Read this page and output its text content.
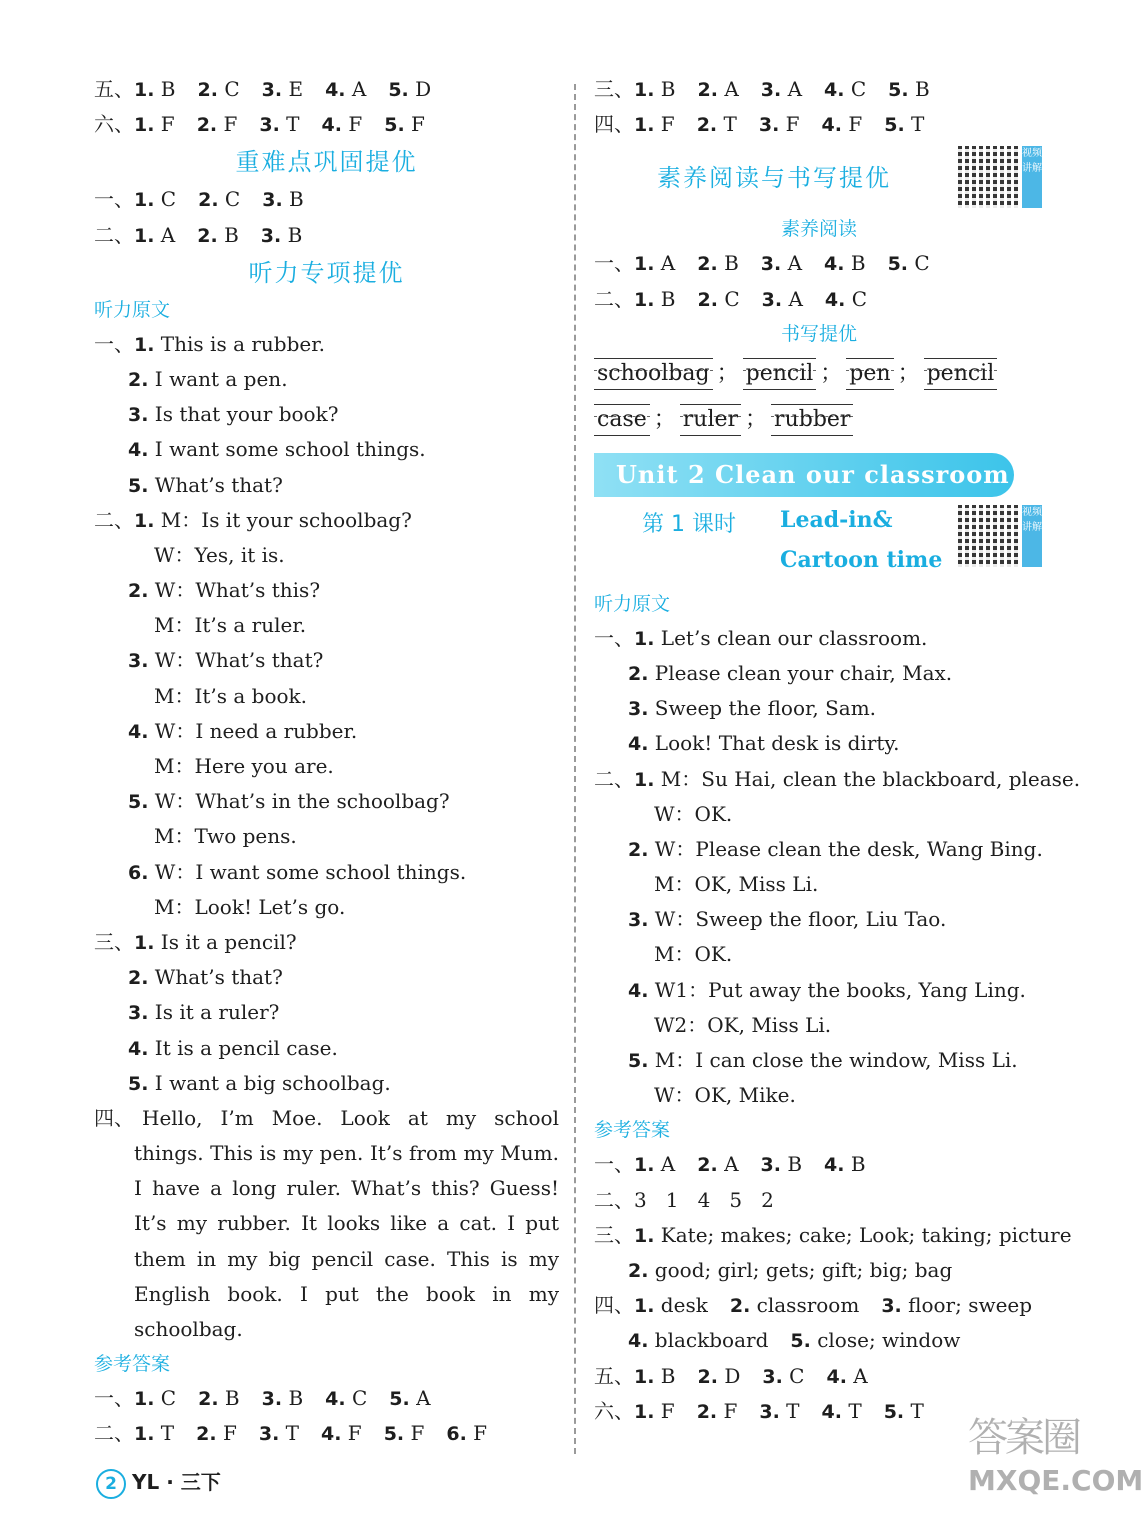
五、1. B 2. C 3. E 4. A 5. D
六、1. F 2. F 3. T 4. F 5. F
重难点巩固提优
一、1. C 2. C 3. B
二、1. A 2. B 3. B
听力专项提优
听力原文
一、1. This is a rubber.
2. I want a pen.
3. Is that your book?
4. I want some school things.
5. What’s that?
二、1. M：Is it your schoolbag?
W：Yes, it is.
2. W：What’s this?
M：It’s a ruler.
3. W：What’s that?
M：It’s a book.
4. W：I need a rubber.
M：Here you are.
5. W：What’s in the schoolbag?
M：Two pens.
6. W：I want some school things.
M：Look! Let’s go.
三、1. Is it a pencil?
2. What’s that?
3. Is it a ruler?
4. It is a pencil case.
5. I want a big schoolbag.
四、 Hello, I’m Moe. Look at my school things. This is my pen. It’s from my Mum. I have a long ruler. What’s this? Guess! It’s my rubber. It looks like a cat. I put them in my big pencil case. This is my English book. I put the book in my schoolbag.
参考答案
一、1. C 2. B 3. B 4. C 5. A
二、1. T 2. F 3. T 4. F 5. F 6. F
三、1. B 2. A 3. A 4. C 5. B
四、1. F 2. T 3. F 4. F 5. T
素养阅读与书写提优
视频讲解
素养阅读
一、1. A 2. B 3. A 4. B 5. C
二、1. B 2. C 3. A 4. C
书写提优
schoolbag ； pencil ； pen ； pencil
case ； ruler ； rubber
Unit 2 Clean our classroom
第 1 课时 Lead-in&
Cartoon time
视频讲解
听力原文
一、1. Let’s clean our classroom.
2. Please clean your chair, Max.
3. Sweep the floor, Sam.
4. Look! That desk is dirty.
二、1. M：Su Hai, clean the blackboard, please.
W：OK.
2. W：Please clean the desk, Wang Bing.
M：OK, Miss Li.
3. W：Sweep the floor, Liu Tao.
M：OK.
4. W1：Put away the books, Yang Ling.
W2：OK, Miss Li.
5. M：I can close the window, Miss Li.
W：OK, Mike.
参考答案
一、1. A 2. A 3. B 4. B
二、3   1   4   5   2
三、1. Kate; makes; cake; Look; taking; picture
2. good; girl; gets; gift; big; bag
四、1. desk 2. classroom 3. floor; sweep
4. blackboard 5. close; window
五、1. B 2. D 3. C 4. A
六、1. F 2. F 3. T 4. T 5. T
2 YL · 三下
答案圈
MXQE.COM
